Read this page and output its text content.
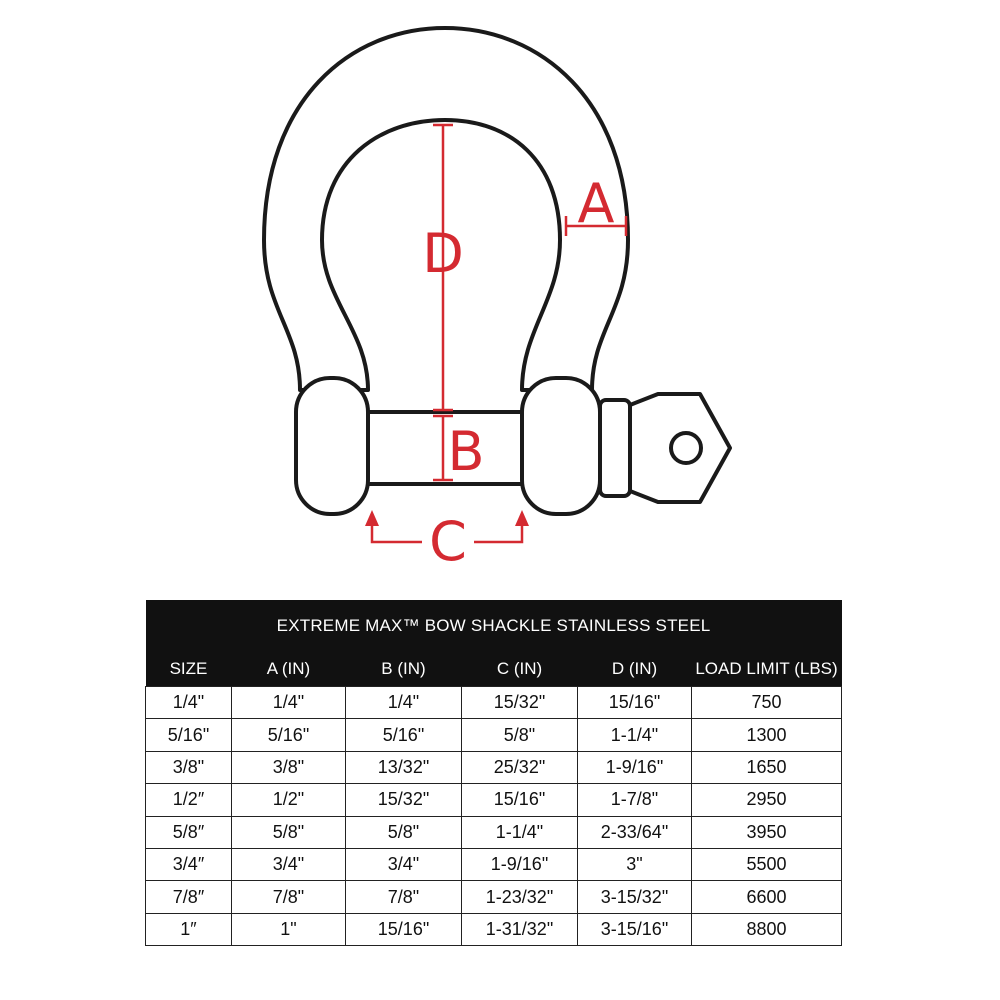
D
B
A
C
EXTREME MAX™ BOW SHACKLE STAINLESS STEEL					
SIZE	A (IN)	B (IN)	C (IN)	D (IN)	LOAD LIMIT (LBS)
1/4"	1/4"	1/4"	15/32"	15/16"	750
5/16"	5/16"	5/16"	5/8"	1-1/4"	1300
3/8"	3/8"	13/32"	25/32"	1-9/16"	1650
1/2″	1/2"	15/32"	15/16"	1-7/8"	2950
5/8″	5/8"	5/8"	1-1/4"	2-33/64"	3950
3/4″	3/4"	3/4"	1-9/16"	3"	5500
7/8″	7/8"	7/8"	1-23/32"	3-15/32"	6600
1″	1"	15/16"	1-31/32"	3-15/16"	8800
